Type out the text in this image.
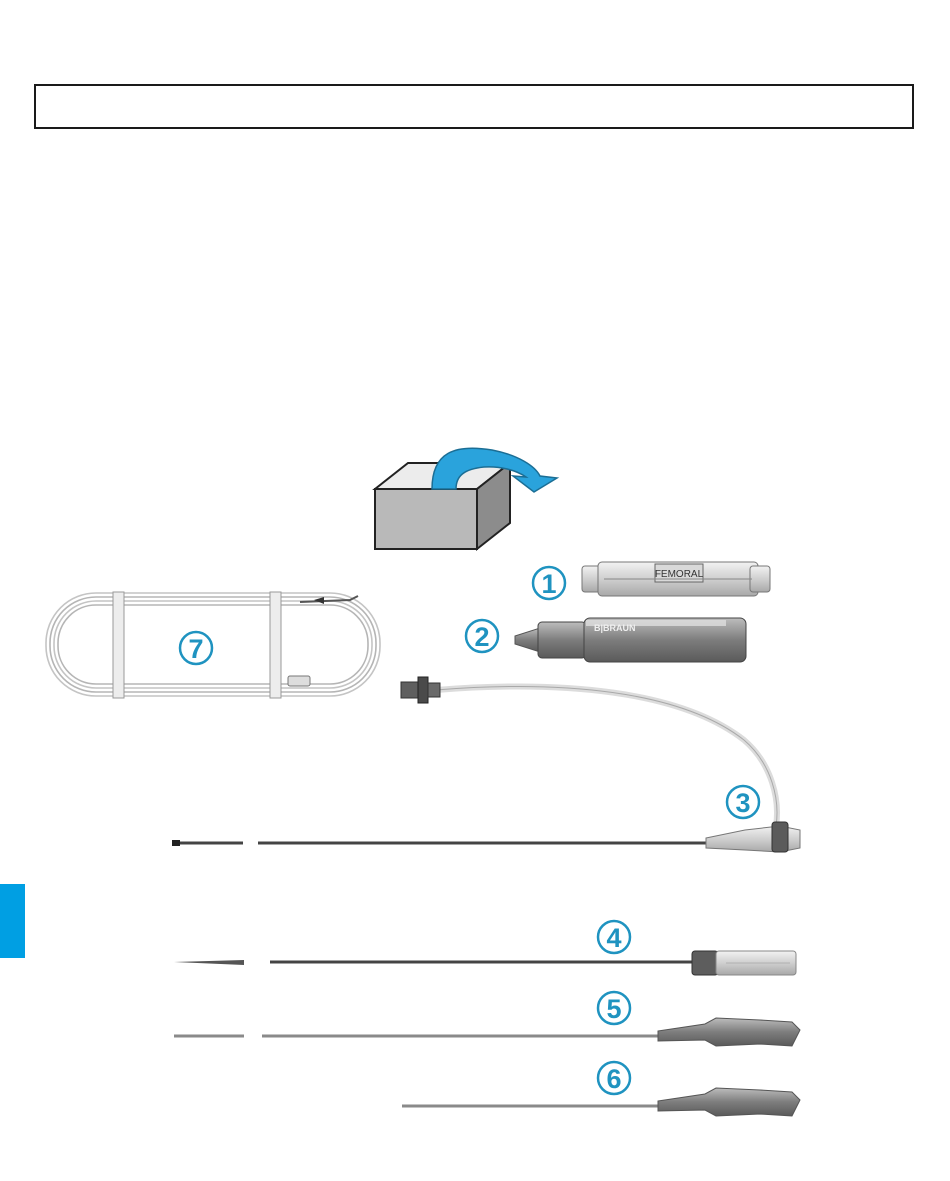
FEMORAL
1
B|BRAUN
2
7
3
4
5
6
